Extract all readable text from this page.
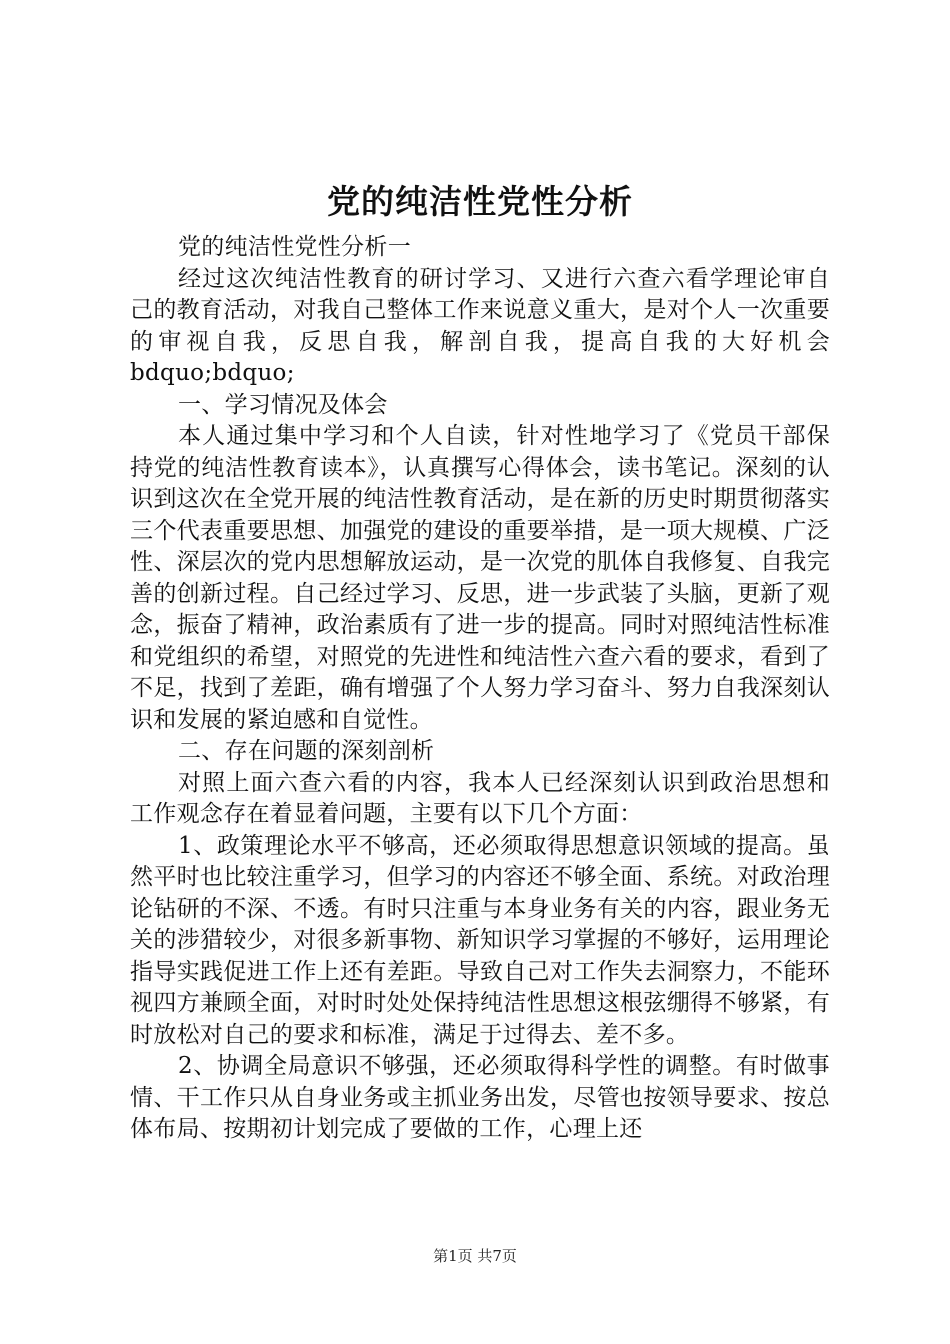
党的纯洁性党性分析

党的纯洁性党性分析一

经过这次纯洁性教育的研讨学习、又进行六查六看学理论审自己的教育活动，对我自己整体工作来说意义重大，是对个人一次重要的审视自我，反思自我，解剖自我，提高自我的大好机会bdquo;bdquo;

一、学习情况及体会

本人通过集中学习和个人自读，针对性地学习了《党员干部保持党的纯洁性教育读本》，认真撰写心得体会，读书笔记。深刻的认识到这次在全党开展的纯洁性教育活动，是在新的历史时期贯彻落实三个代表重要思想、加强党的建设的重要举措，是一项大规模、广泛性、深层次的党内思想解放运动，是一次党的肌体自我修复、自我完善的创新过程。自己经过学习、反思，进一步武装了头脑，更新了观念，振奋了精神，政治素质有了进一步的提高。同时对照纯洁性标准和党组织的希望，对照党的先进性和纯洁性六查六看的要求，看到了不足，找到了差距，确有增强了个人努力学习奋斗、努力自我深刻认识和发展的紧迫感和自觉性。

二、存在问题的深刻剖析

对照上面六查六看的内容，我本人已经深刻认识到政治思想和工作观念存在着显着问题，主要有以下几个方面：

1、政策理论水平不够高，还必须取得思想意识领域的提高。虽然平时也比较注重学习，但学习的内容还不够全面、系统。对政治理论钻研的不深、不透。有时只注重与本身业务有关的内容，跟业务无关的涉猎较少，对很多新事物、新知识学习掌握的不够好，运用理论指导实践促进工作上还有差距。导致自己对工作失去洞察力，不能环视四方兼顾全面，对时时处处保持纯洁性思想这根弦绷得不够紧，有时放松对自己的要求和标准，满足于过得去、差不多。

2、协调全局意识不够强，还必须取得科学性的调整。有时做事情、干工作只从自身业务或主抓业务出发，尽管也按领导要求、按总体布局、按期初计划完成了要做的工作，心理上还

第1页 共7页
